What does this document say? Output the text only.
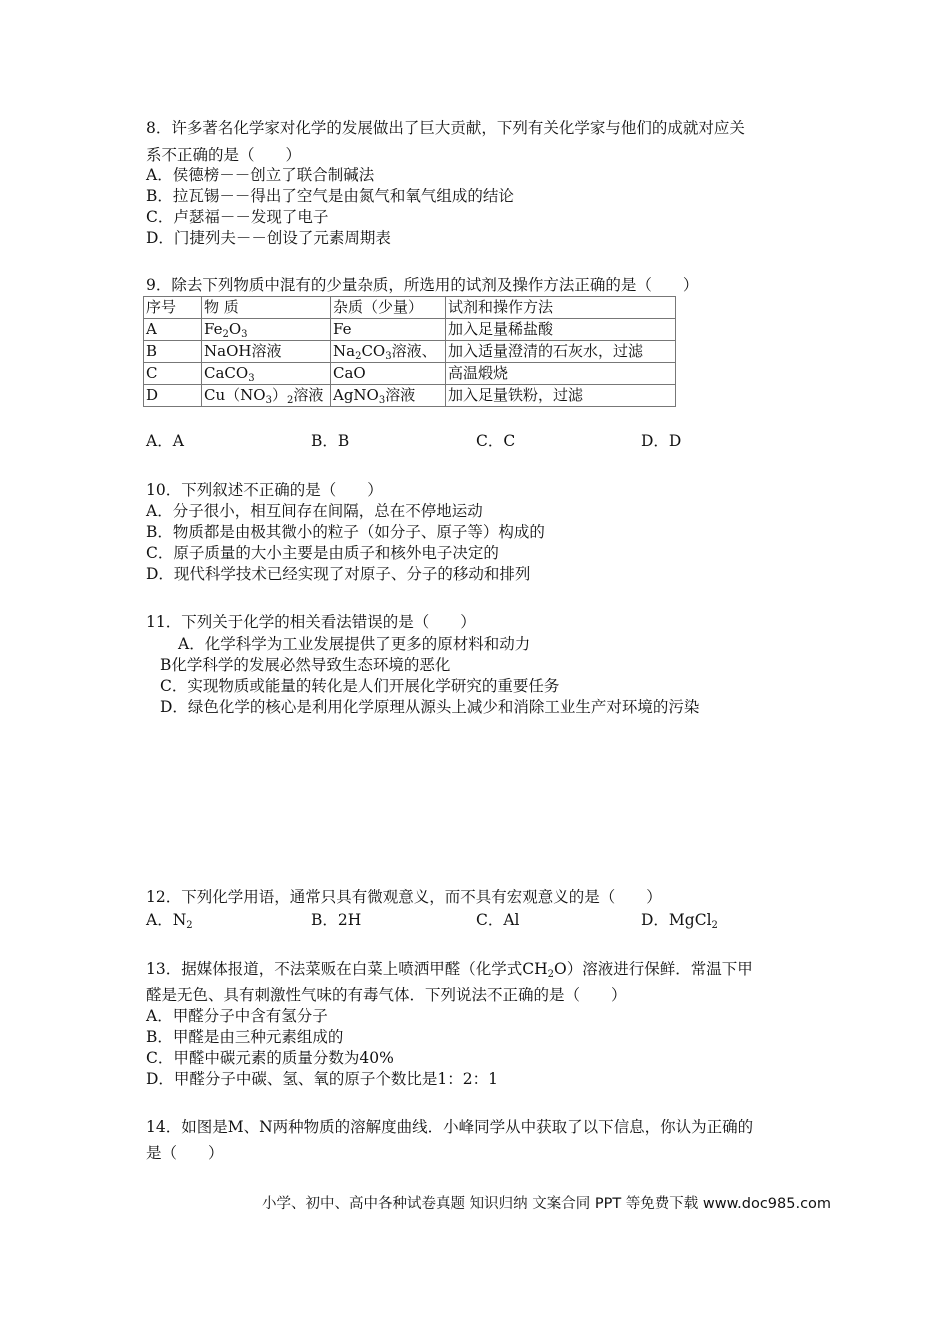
8．许多著名化学家对化学的发展做出了巨大贡献，下列有关化学家与他们的成就对应关
系不正确的是（　　）
A．侯德榜－－创立了联合制碱法
B．拉瓦锡－－得出了空气是由氮气和氧气组成的结论
C．卢瑟福－－发现了电子
D．门捷列夫－－创设了元素周期表
9．除去下列物质中混有的少量杂质，所选用的试剂及操作方法正确的是（　　）
序号	物 质	杂质（少量）	试剂和操作方法
A	$Fe_2O_3$	Fe	加入足量稀盐酸
B	NaOH溶液	$Na_2CO_3$溶液、	加入适量澄清的石灰水，过滤
C	CaCO$_3$	CaO	高温煅烧
D	$Cu(NO_3)_2$溶液	AgNO$_3$溶液	加入足量铁粉，过滤
A．A	B．B	C．C	D．D
10．下列叙述不正确的是（　　）
A．分子很小，相互间存在间隔，总在不停地运动
B．物质都是由极其微小的粒子（如分子、原子等）构成的
C．原子质量的大小主要是由质子和核外电子决定的
D．现代科学技术已经实现了对原子、分子的移动和排列
11．下列关于化学的相关看法错误的是（　　）
A．化学科学为工业发展提供了更多的原材料和动力
B化学科学的发展必然导致生态环境的恶化
C．实现物质或能量的转化是人们开展化学研究的重要任务
D．绿色化学的核心是利用化学原理从源头上减少和消除工业生产对环境的污染
12．下列化学用语，通常只具有微观意义，而不具有宏观意义的是（　　）
A．$N_2$	B．2H	C．Al	D．MgCl$_2$
13．据媒体报道，不法菜贩在白菜上喷洒甲醛（化学式$CH_2O$）溶液进行保鲜．常温下甲
醛是无色、具有刺激性气味的有毒气体．下列说法不正确的是（　　）
A．甲醛分子中含有氢分子
B．甲醛是由三种元素组成的
C．甲醛中碳元素的质量分数为40%
D．甲醛分子中碳、氢、氧的原子个数比是1：2：1
14．如图是M、N两种物质的溶解度曲线．小峰同学从中获取了以下信息，你认为正确的
是（　　）
小学、初中、高中各种试卷真题 知识归纳 文案合同 PPT 等免费下载 www.doc985.com
